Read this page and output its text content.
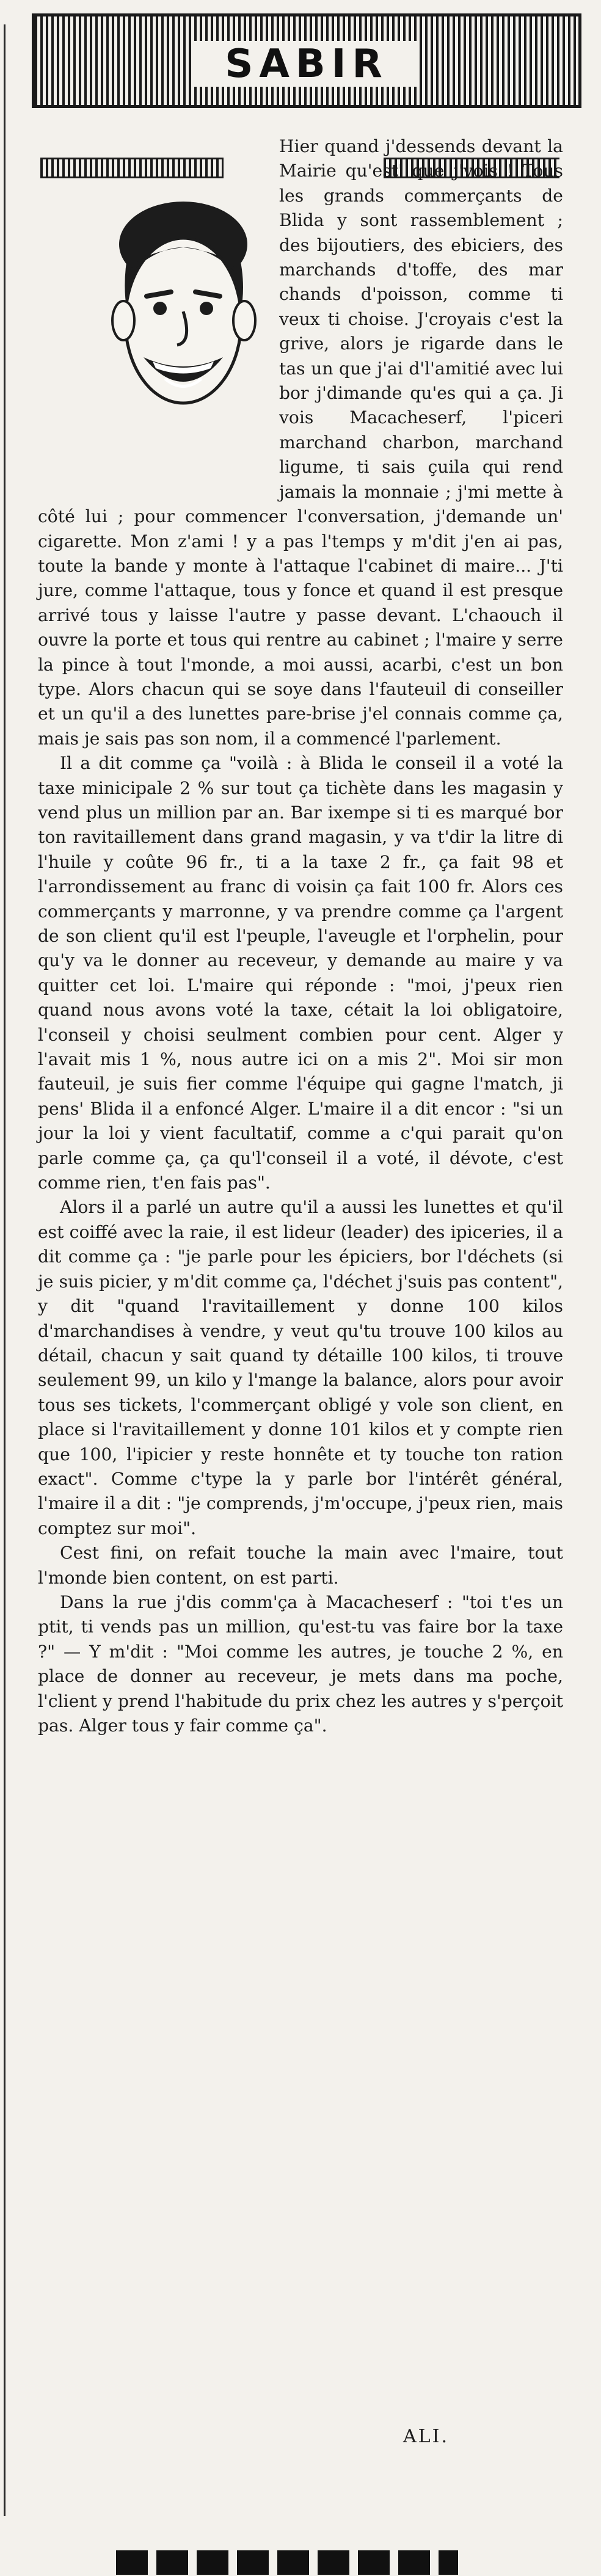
SABIR

Hier quand j'dessends devant la Mairie qu'est' que j'vois ! Tous les grands commerçants de Blida y sont rassemblement ; des bijoutiers, des ebiciers, des marchands d'toffe, des mar chands d'poisson, comme ti veux ti choise. J'croyais c'est la grive, alors je rigarde dans le tas un que j'ai d'l'amitié avec lui bor j'dimande qu'es qui a ça. Ji vois Macacheserf, l'piceri marchand charbon, marchand ligume, ti sais çuila qui rend jamais la monnaie ; j'mi mette à côté lui ; pour commencer l'conversation, j'demande un' cigarette. Mon z'ami ! y a pas l'temps y m'dit j'en ai pas, toute la bande y monte à l'attaque l'cabinet di maire... J'ti jure, comme l'attaque, tous y fonce et quand il est presque arrivé tous y laisse l'autre y passe devant. L'chaouch il ouvre la porte et tous qui rentre au cabinet ; l'maire y serre la pince à tout l'monde, a moi aussi, acarbi, c'est un bon type. Alors chacun qui se soye dans l'fauteuil di conseiller et un qu'il a des lunettes pare-brise j'el connais comme ça, mais je sais pas son nom, il a commencé l'parlement.

Il a dit comme ça "voilà : à Blida le conseil il a voté la taxe minicipale 2 % sur tout ça tichète dans les magasin y vend plus un million par an. Bar ixempe si ti es marqué bor ton ravitaillement dans grand magasin, y va t'dir la litre di l'huile y coûte 96 fr., ti a la taxe 2 fr., ça fait 98 et l'arrondissement au franc di voisin ça fait 100 fr. Alors ces commerçants y marronne, y va prendre comme ça l'argent de son client qu'il est l'peuple, l'aveugle et l'orphelin, pour qu'y va le donner au receveur, y demande au maire y va quitter cet loi. L'maire qui réponde : "moi, j'peux rien quand nous avons voté la taxe, cétait la loi obligatoire, l'conseil y choisi seulment combien pour cent. Alger y l'avait mis 1 %, nous autre ici on a mis 2". Moi sir mon fauteuil, je suis fier comme l'équipe qui gagne l'match, ji pens' Blida il a enfoncé Alger. L'maire il a dit encor : "si un jour la loi y vient facultatif, comme a c'qui parait qu'on parle comme ça, ça qu'l'conseil il a voté, il dévote, c'est comme rien, t'en fais pas".

Alors il a parlé un autre qu'il a aussi les lunettes et qu'il est coiffé avec la raie, il est lideur (leader) des ipiceries, il a dit comme ça : "je parle pour les épiciers, bor l'déchets (si je suis picier, y m'dit comme ça, l'déchet j'suis pas content", y dit "quand l'ravitaillement y donne 100 kilos d'marchandises à vendre, y veut qu'tu trouve 100 kilos au détail, chacun y sait quand ty détaille 100 kilos, ti trouve seulement 99, un kilo y l'mange la balance, alors pour avoir tous ses tickets, l'commerçant obligé y vole son client, en place si l'ravitaillement y donne 101 kilos et y compte rien que 100, l'ipicier y reste honnête et ty touche ton ration exact". Comme c'type la y parle bor l'intérêt général, l'maire il a dit : "je comprends, j'm'occupe, j'peux rien, mais comptez sur moi".

Cest fini, on refait touche la main avec l'maire, tout l'monde bien content, on est parti.

Dans la rue j'dis comm'ça à Macacheserf : "toi t'es un ptit, ti vends pas un million, qu'est-tu vas faire bor la taxe ?" — Y m'dit : "Moi comme les autres, je touche 2 %, en place de donner au receveur, je mets dans ma poche, l'client y prend l'habitude du prix chez les autres y s'perçoit pas. Alger tous y fair comme ça".

ALI.
